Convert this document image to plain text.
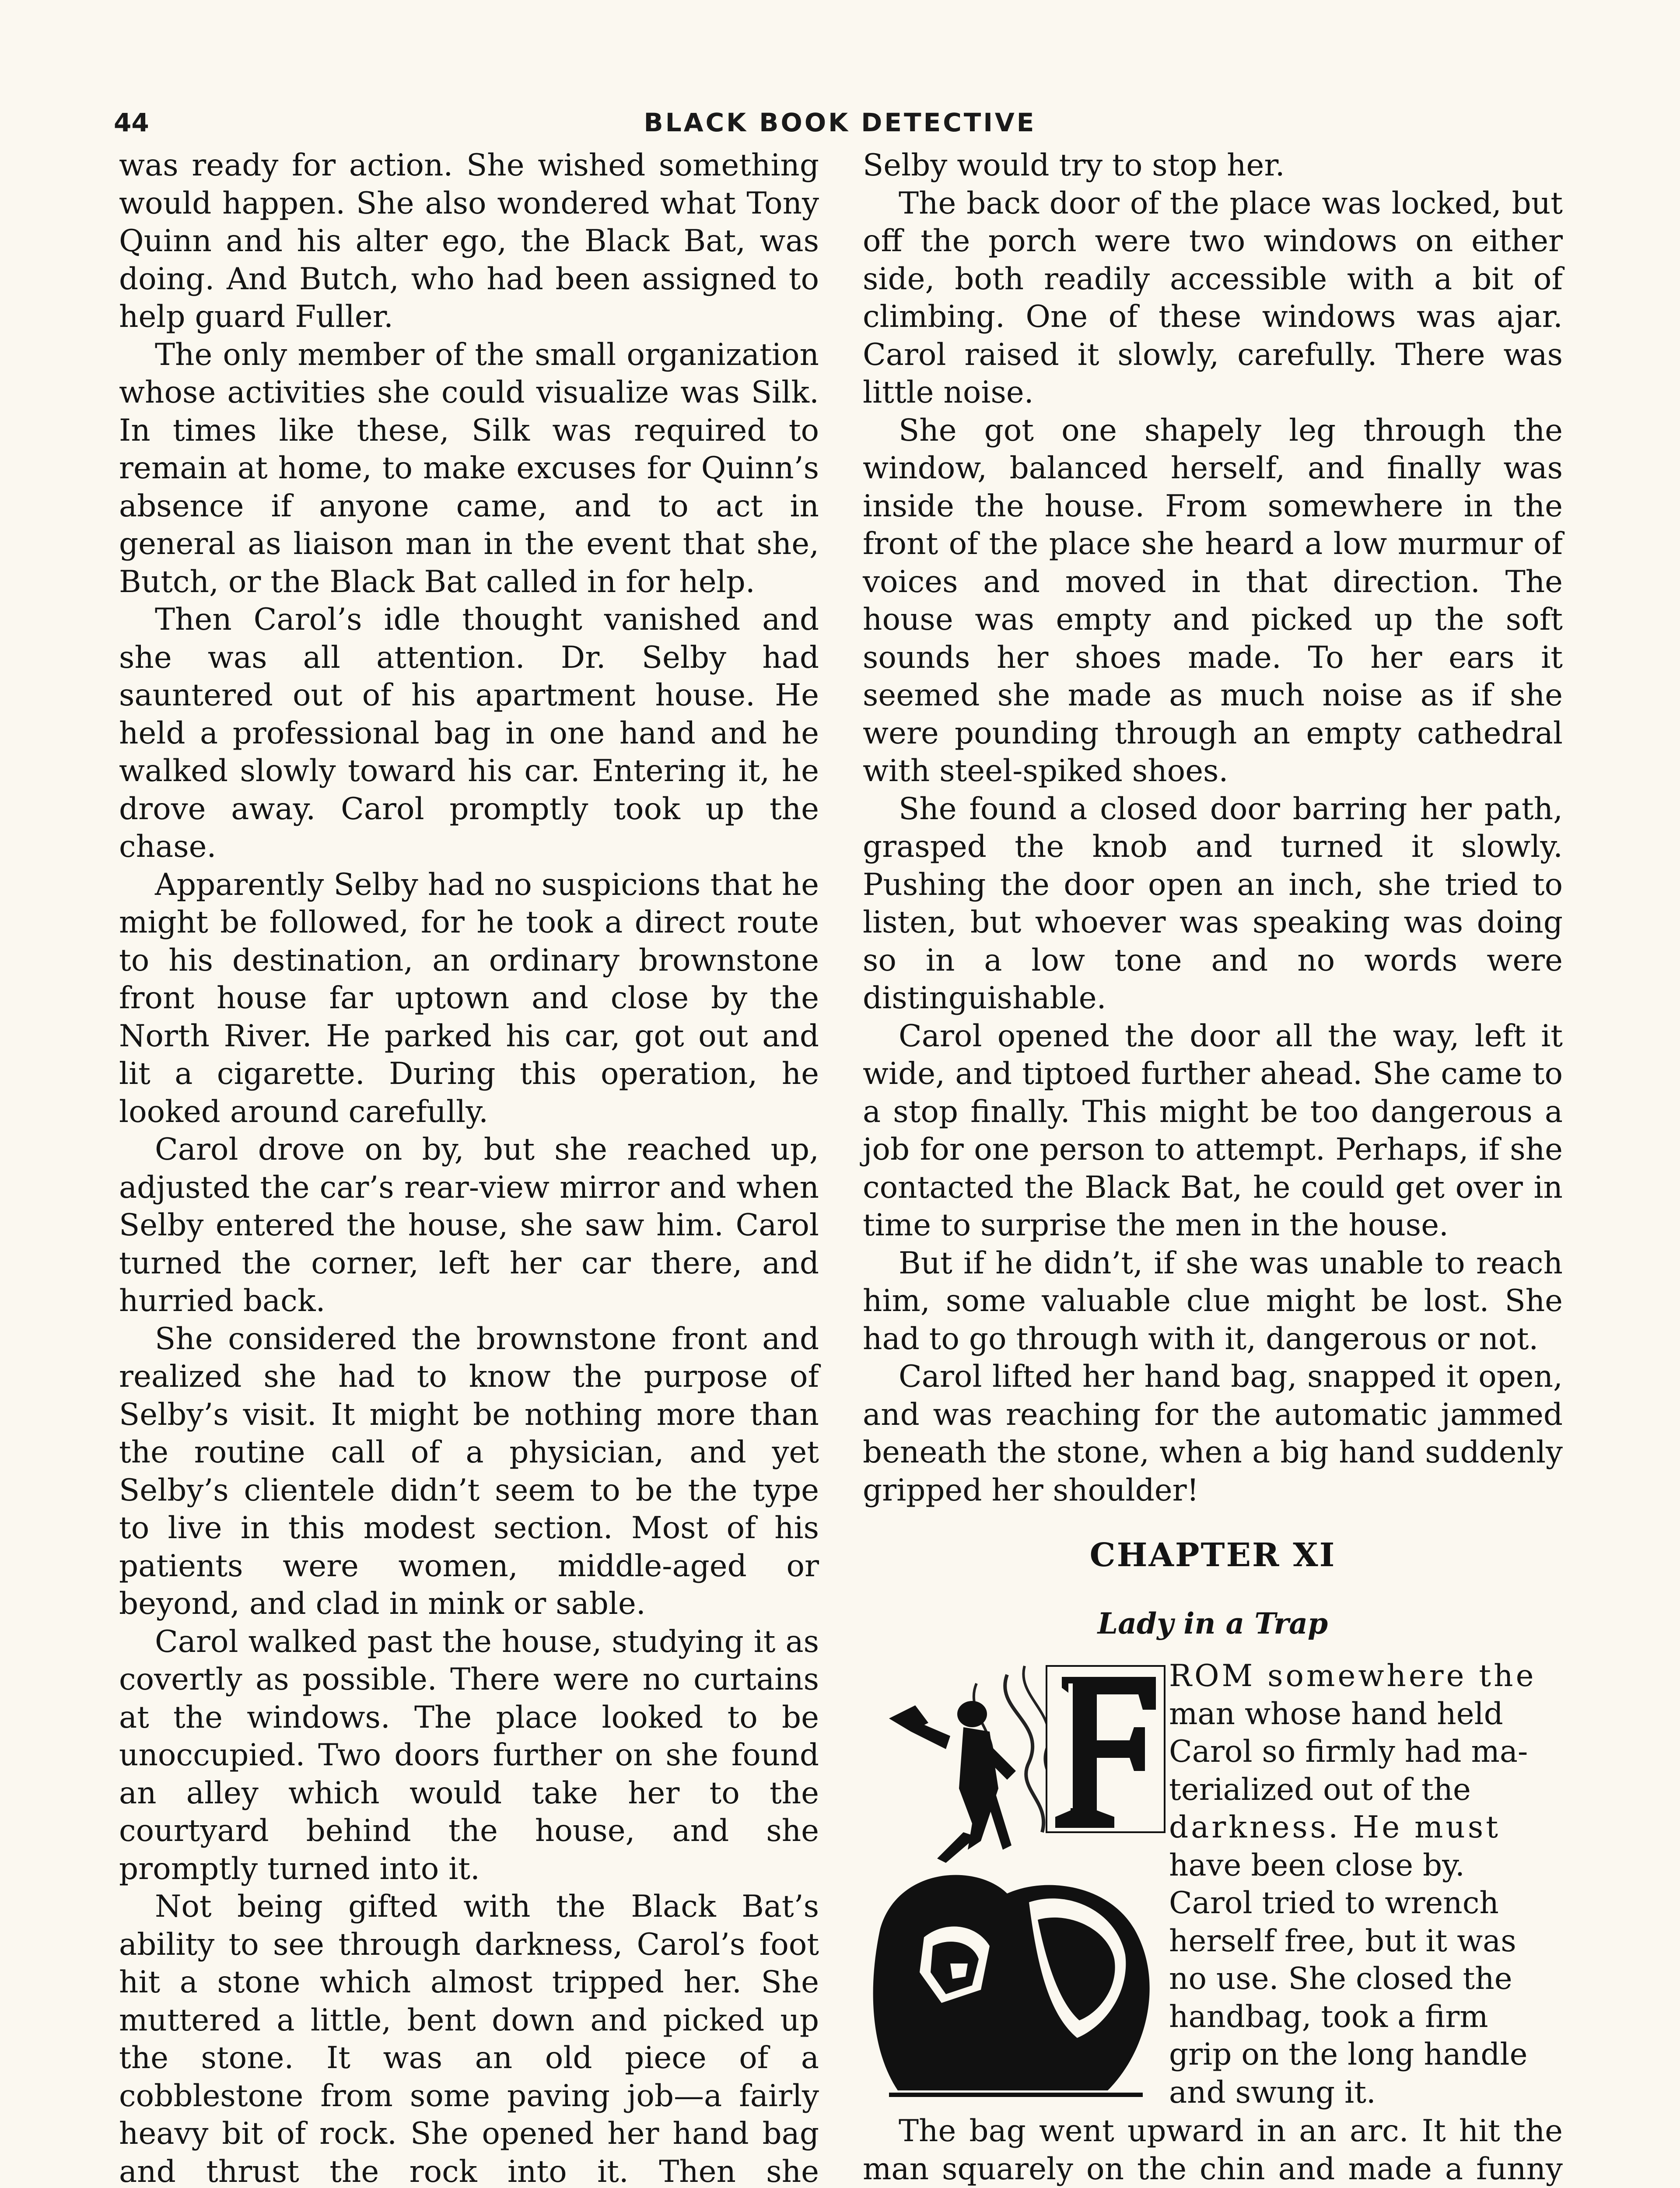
44	BLACK BOOK DETECTIVE

was ready for action. She wished something would happen. She also wondered what Tony Quinn and his alter ego, the Black Bat, was doing. And Butch, who had been assigned to help guard Fuller.

The only member of the small organization whose activities she could visualize was Silk. In times like these, Silk was required to remain at home, to make excuses for Quinn’s absence if anyone came, and to act in general as liaison man in the event that she, Butch, or the Black Bat called in for help.

Then Carol’s idle thought vanished and she was all attention. Dr. Selby had sauntered out of his apartment house. He held a professional bag in one hand and he walked slowly toward his car. Entering it, he drove away. Carol promptly took up the chase.

Apparently Selby had no suspicions that he might be followed, for he took a direct route to his destination, an ordinary brownstone front house far uptown and close by the North River. He parked his car, got out and lit a cigarette. During this operation, he looked around carefully.

Carol drove on by, but she reached up, adjusted the car’s rear-view mirror and when Selby entered the house, she saw him. Carol turned the corner, left her car there, and hurried back.

She considered the brownstone front and realized she had to know the purpose of Selby’s visit. It might be nothing more than the routine call of a physician, and yet Selby’s clientele didn’t seem to be the type to live in this modest section. Most of his patients were women, middle-aged or beyond, and clad in mink or sable.

Carol walked past the house, studying it as covertly as possible. There were no curtains at the windows. The place looked to be unoccupied. Two doors further on she found an alley which would take her to the courtyard behind the house, and she promptly turned into it.

Not being gifted with the Black Bat’s ability to see through darkness, Carol’s foot hit a stone which almost tripped her. She muttered a little, bent down and picked up the stone. It was an old piece of a cobblestone from some paving job—a fairly heavy bit of rock. She opened her hand bag and thrust the rock into it. Then she

Selby would try to stop her.

The back door of the place was locked, but off the porch were two windows on either side, both readily accessible with a bit of climbing. One of these windows was ajar. Carol raised it slowly, carefully. There was little noise.

She got one shapely leg through the window, balanced herself, and finally was inside the house. From somewhere in the front of the place she heard a low murmur of voices and moved in that direction. The house was empty and picked up the soft sounds her shoes made. To her ears it seemed she made as much noise as if she were pounding through an empty cathedral with steel-spiked shoes.

She found a closed door barring her path, grasped the knob and turned it slowly. Pushing the door open an inch, she tried to listen, but whoever was speaking was doing so in a low tone and no words were distinguishable.

Carol opened the door all the way, left it wide, and tiptoed further ahead. She came to a stop finally. This might be too dangerous a job for one person to attempt. Perhaps, if she contacted the Black Bat, he could get over in time to surprise the men in the house.

But if he didn’t, if she was unable to reach him, some valuable clue might be lost. She had to go through with it, dangerous or not.

Carol lifted her hand bag, snapped it open, and was reaching for the automatic jammed beneath the stone, when a big hand suddenly gripped her shoulder!

CHAPTER XI
Lady in a Trap
ROM somewhere the
man whose hand held
Carol so firmly had ma-
terialized out of the
darkness. He must
have been close by.
Carol tried to wrench
herself free, but it was
no use. She closed the
handbag, took a firm
grip on the long handle
and swung it.

The bag went upward in an arc. It hit the man squarely on the chin and made a funny
